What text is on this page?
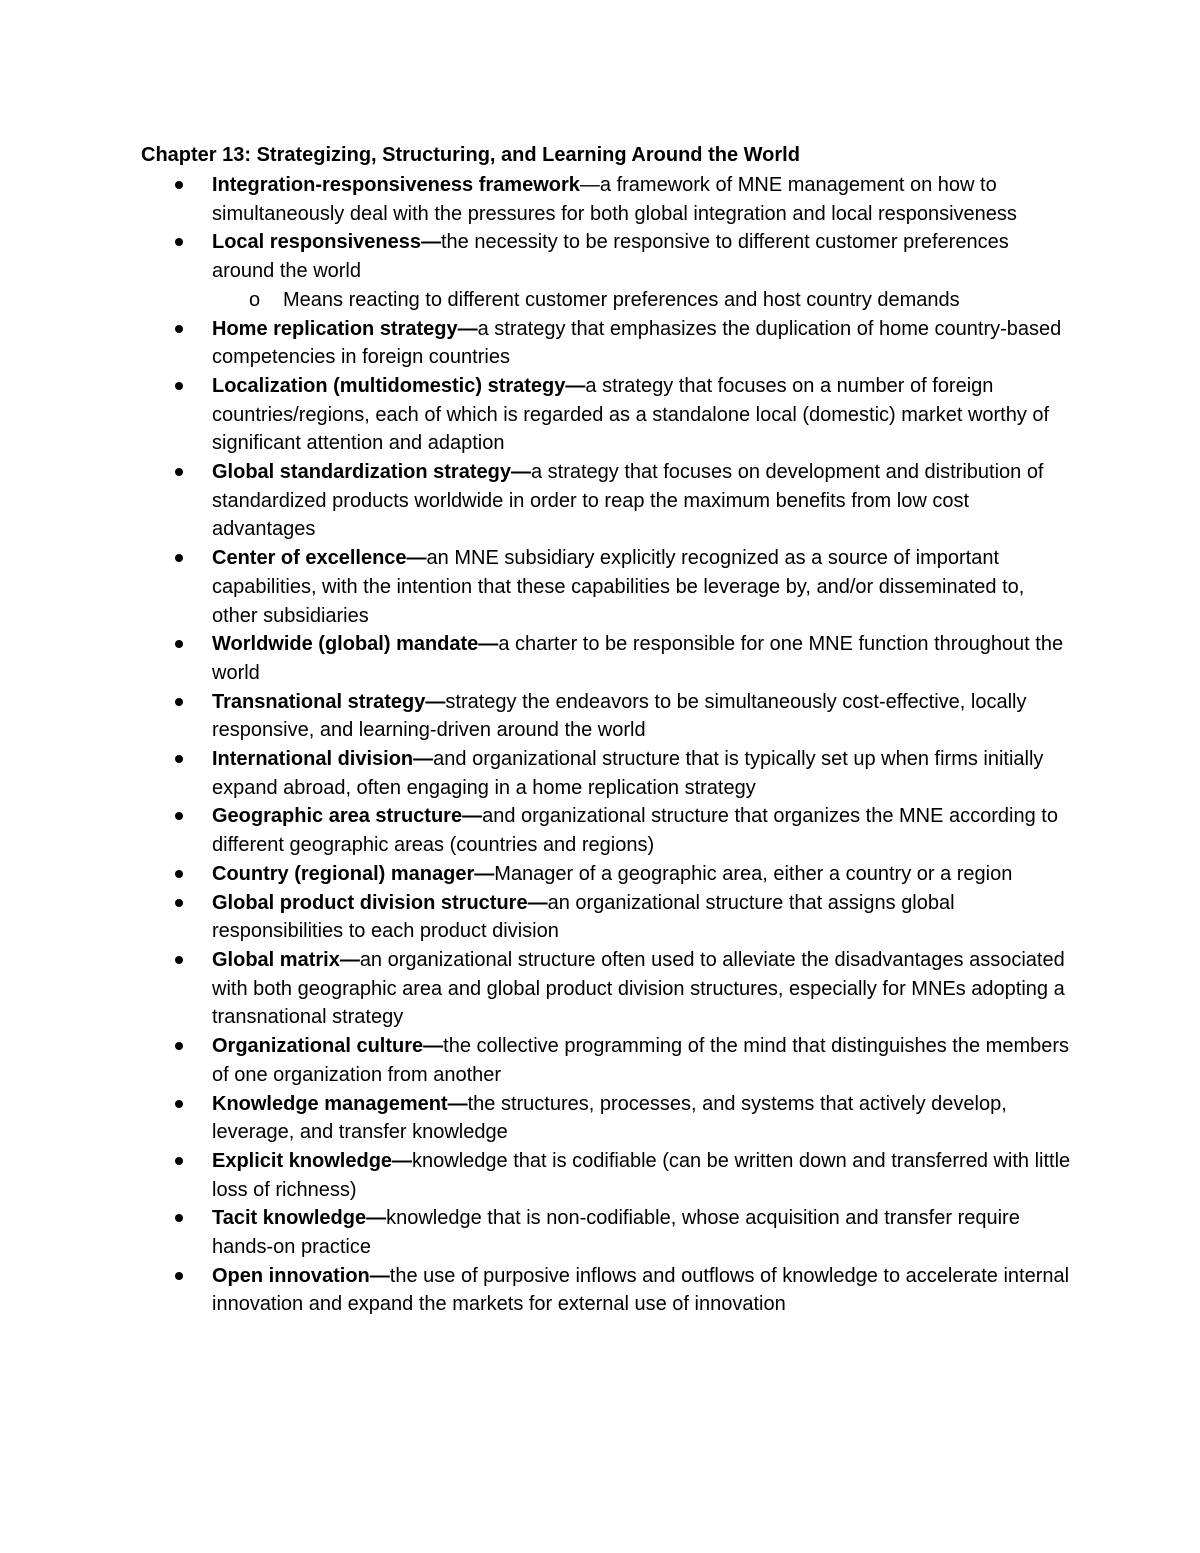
Chapter 13: Strategizing, Structuring, and Learning Around the World
Integration-responsiveness framework—a framework of MNE management on how to simultaneously deal with the pressures for both global integration and local responsiveness
Local responsiveness—the necessity to be responsive to different customer preferences around the world
o Means reacting to different customer preferences and host country demands
Home replication strategy—a strategy that emphasizes the duplication of home country-based competencies in foreign countries
Localization (multidomestic) strategy—a strategy that focuses on a number of foreign countries/regions, each of which is regarded as a standalone local (domestic) market worthy of significant attention and adaption
Global standardization strategy—a strategy that focuses on development and distribution of standardized products worldwide in order to reap the maximum benefits from low cost advantages
Center of excellence—an MNE subsidiary explicitly recognized as a source of important capabilities, with the intention that these capabilities be leverage by, and/or disseminated to, other subsidiaries
Worldwide (global) mandate—a charter to be responsible for one MNE function throughout the world
Transnational strategy—strategy the endeavors to be simultaneously cost-effective, locally responsive, and learning-driven around the world
International division—and organizational structure that is typically set up when firms initially expand abroad, often engaging in a home replication strategy
Geographic area structure—and organizational structure that organizes the MNE according to different geographic areas (countries and regions)
Country (regional) manager—Manager of a geographic area, either a country or a region
Global product division structure—an organizational structure that assigns global responsibilities to each product division
Global matrix—an organizational structure often used to alleviate the disadvantages associated with both geographic area and global product division structures, especially for MNEs adopting a transnational strategy
Organizational culture—the collective programming of the mind that distinguishes the members of one organization from another
Knowledge management—the structures, processes, and systems that actively develop, leverage, and transfer knowledge
Explicit knowledge—knowledge that is codifiable (can be written down and transferred with little loss of richness)
Tacit knowledge—knowledge that is non-codifiable, whose acquisition and transfer require hands-on practice
Open innovation—the use of purposive inflows and outflows of knowledge to accelerate internal innovation and expand the markets for external use of innovation
